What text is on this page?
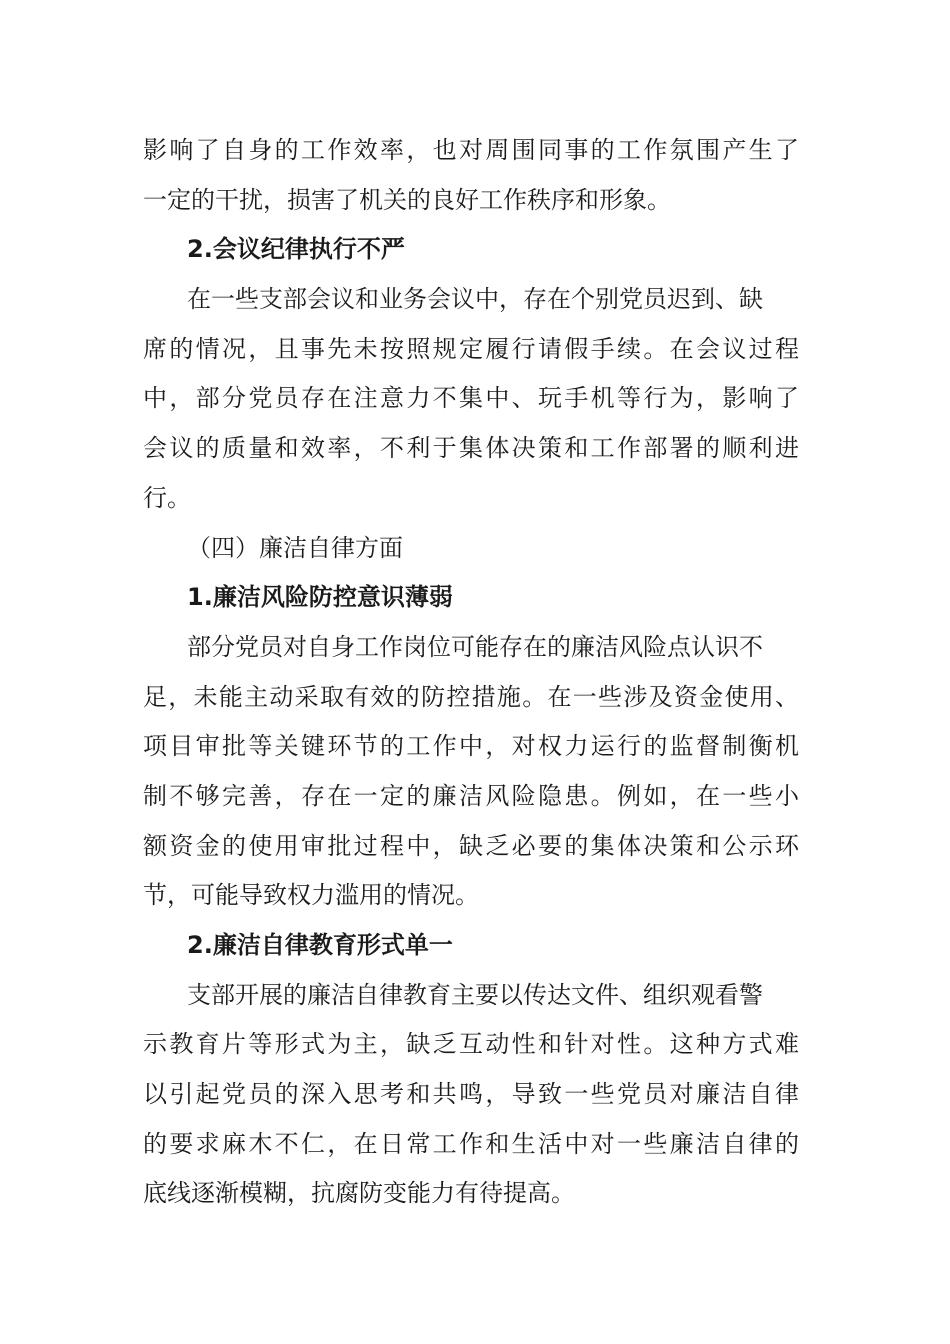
影响了自身的工作效率，也对周围同事的工作氛围产生了
一定的干扰，损害了机关的良好工作秩序和形象。
2.会议纪律执行不严
在一些支部会议和业务会议中，存在个别党员迟到、缺
席的情况，且事先未按照规定履行请假手续。在会议过程
中，部分党员存在注意力不集中、玩手机等行为，影响了
会议的质量和效率，不利于集体决策和工作部署的顺利进
行。
（四）廉洁自律方面
1.廉洁风险防控意识薄弱
部分党员对自身工作岗位可能存在的廉洁风险点认识不
足，未能主动采取有效的防控措施。在一些涉及资金使用、
项目审批等关键环节的工作中，对权力运行的监督制衡机
制不够完善，存在一定的廉洁风险隐患。例如，在一些小
额资金的使用审批过程中，缺乏必要的集体决策和公示环
节，可能导致权力滥用的情况。
2.廉洁自律教育形式单一
支部开展的廉洁自律教育主要以传达文件、组织观看警
示教育片等形式为主，缺乏互动性和针对性。这种方式难
以引起党员的深入思考和共鸣，导致一些党员对廉洁自律
的要求麻木不仁，在日常工作和生活中对一些廉洁自律的
底线逐渐模糊，抗腐防变能力有待提高。
